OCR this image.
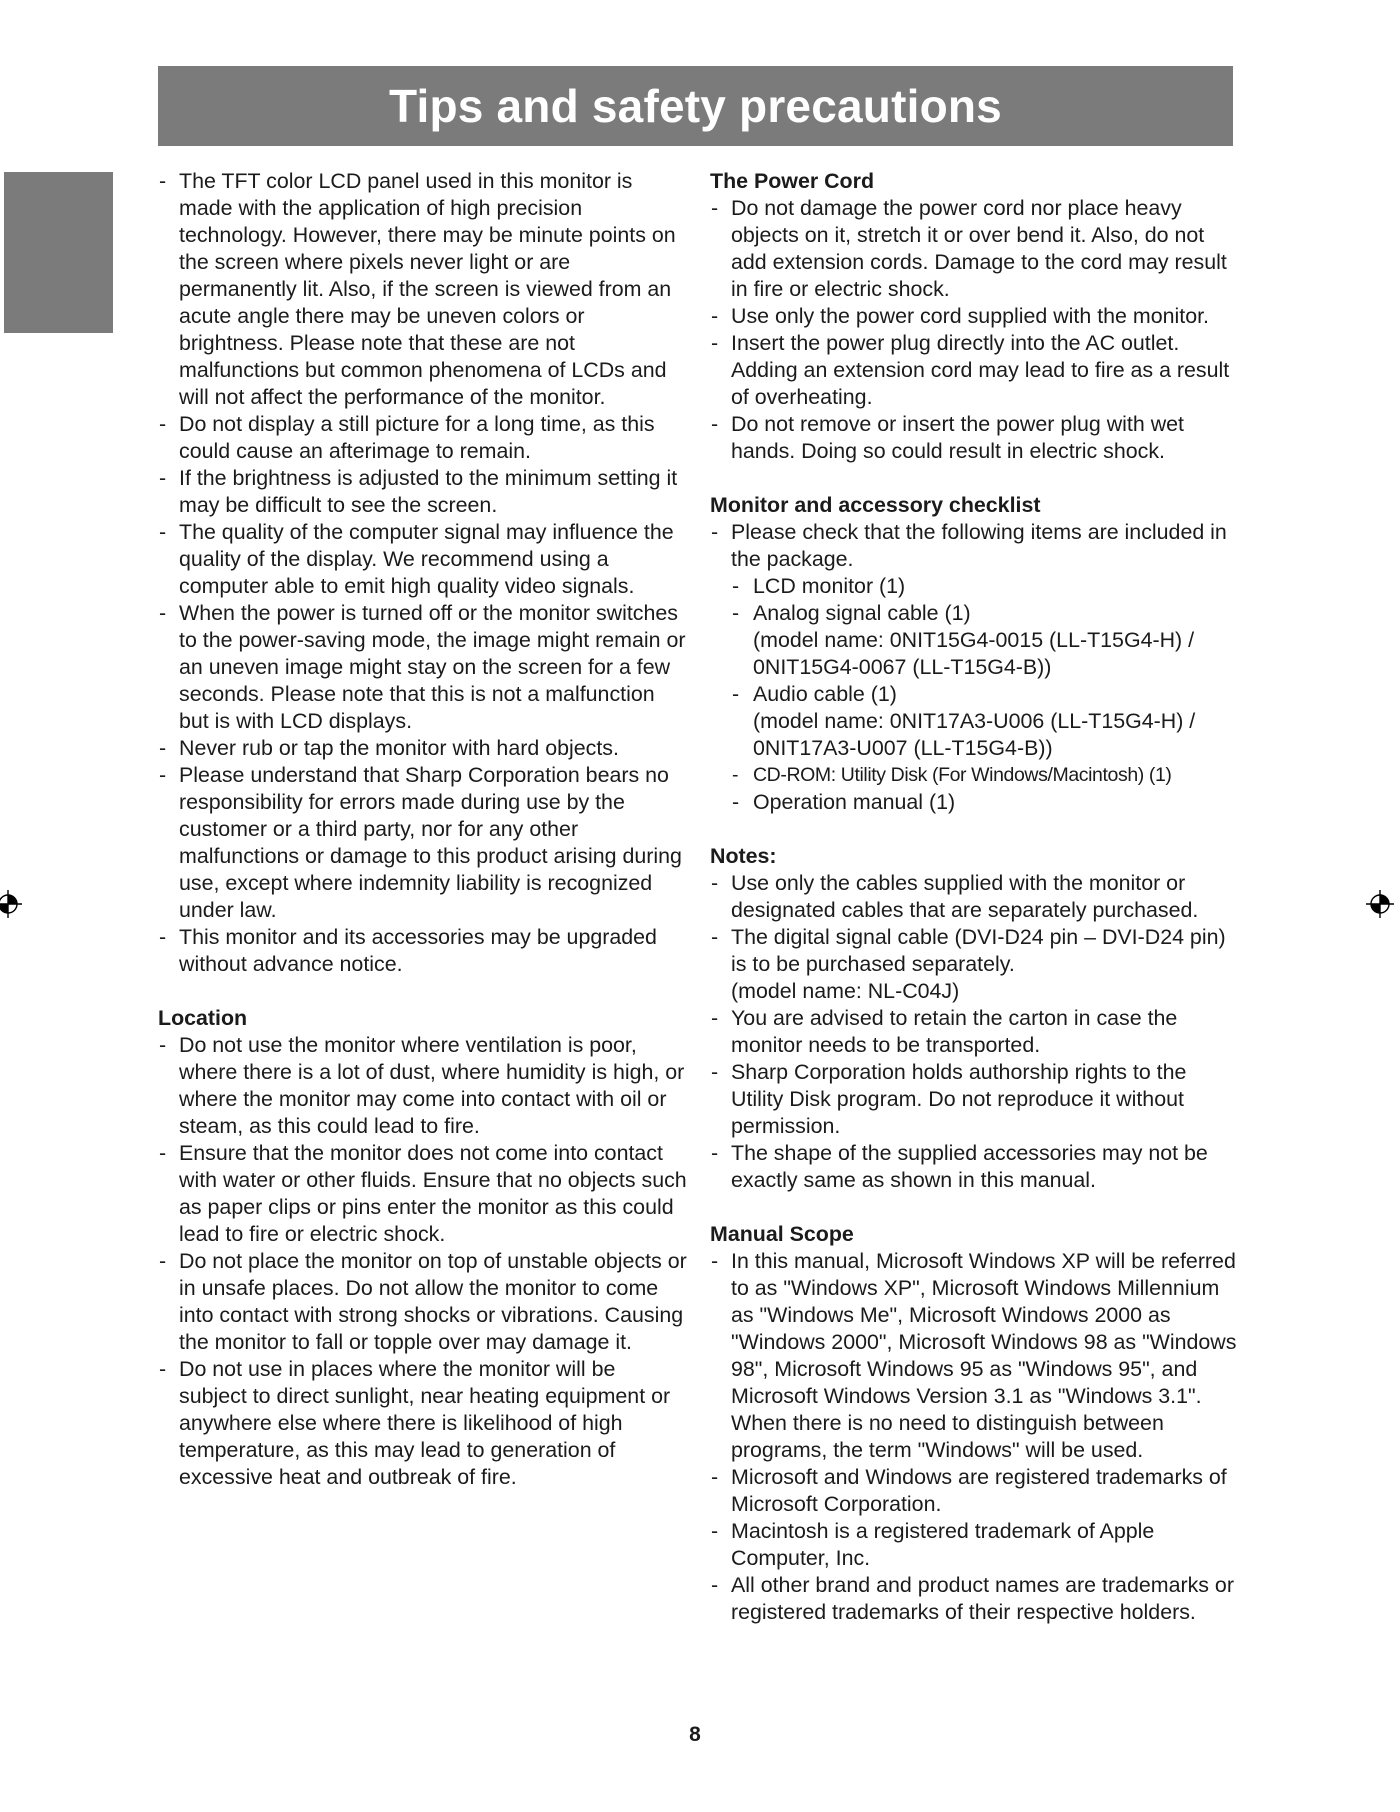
Tips and safety precautions
- The TFT color LCD panel used in this monitor is made with the application of high precision technology. However, there may be minute points on the screen where pixels never light or are permanently lit. Also, if the screen is viewed from an acute angle there may be uneven colors or brightness. Please note that these are not malfunctions but common phenomena of LCDs and will not affect the performance of the monitor.
- Do not display a still picture for a long time, as this could cause an afterimage to remain.
- If the brightness is adjusted to the minimum setting it may be difficult to see the screen.
- The quality of the computer signal may influence the quality of the display. We recommend using a computer able to emit high quality video signals.
- When the power is turned off or the monitor switches to the power-saving mode, the image might remain or an uneven image might stay on the screen for a few seconds. Please note that this is not a malfunction but is with LCD displays.
- Never rub or tap the monitor with hard objects.
- Please understand that Sharp Corporation bears no responsibility for errors made during use by the customer or a third party, nor for any other malfunctions or damage to this product arising during use, except where indemnity liability is recognized under law.
- This monitor and its accessories may be upgraded without advance notice.

Location

- Do not use the monitor where ventilation is poor, where there is a lot of dust, where humidity is high, or where the monitor may come into contact with oil or steam, as this could lead to fire.
- Ensure that the monitor does not come into contact with water or other fluids. Ensure that no objects such as paper clips or pins enter the monitor as this could lead to fire or electric shock.
- Do not place the monitor on top of unstable objects or in unsafe places. Do not allow the monitor to come into contact with strong shocks or vibrations. Causing the monitor to fall or topple over may damage it.
- Do not use in places where the monitor will be subject to direct sunlight, near heating equipment or anywhere else where there is likelihood of high temperature, as this may lead to generation of excessive heat and outbreak of fire.

The Power Cord

- Do not damage the power cord nor place heavy objects on it, stretch it or over bend it. Also, do not add extension cords. Damage to the cord may result in fire or electric shock.
- Use only the power cord supplied with the monitor.
- Insert the power plug directly into the AC outlet. Adding an extension cord may lead to fire as a result of overheating.
- Do not remove or insert the power plug with wet hands. Doing so could result in electric shock.

Monitor and accessory checklist

- Please check that the following items are included in the package.
- LCD monitor (1)
- Analog signal cable (1)
(model name: 0NIT15G4-0015 (LL-T15G4-H) / 0NIT15G4-0067 (LL-T15G4-B))
- Audio cable (1)
(model name: 0NIT17A3-U006 (LL-T15G4-H) / 0NIT17A3-U007 (LL-T15G4-B))
- CD-ROM: Utility Disk (For Windows/Macintosh) (1)
- Operation manual (1)

Notes:

- Use only the cables supplied with the monitor or designated cables that are separately purchased.
- The digital signal cable (DVI-D24 pin – DVI-D24 pin) is to be purchased separately.
(model name: NL-C04J)
- You are advised to retain the carton in case the monitor needs to be transported.
- Sharp Corporation holds authorship rights to the Utility Disk program. Do not reproduce it without permission.
- The shape of the supplied accessories may not be exactly same as shown in this manual.

Manual Scope

- In this manual, Microsoft Windows XP will be referred to as "Windows XP", Microsoft Windows Millennium as "Windows Me", Microsoft Windows 2000 as "Windows 2000", Microsoft Windows 98 as "Windows 98", Microsoft Windows 95 as "Windows 95", and Microsoft Windows Version 3.1 as "Windows 3.1". When there is no need to distinguish between programs, the term "Windows" will be used.
- Microsoft and Windows are registered trademarks of Microsoft Corporation.
- Macintosh is a registered trademark of Apple Computer, Inc.
- All other brand and product names are trademarks or registered trademarks of their respective holders.
8
